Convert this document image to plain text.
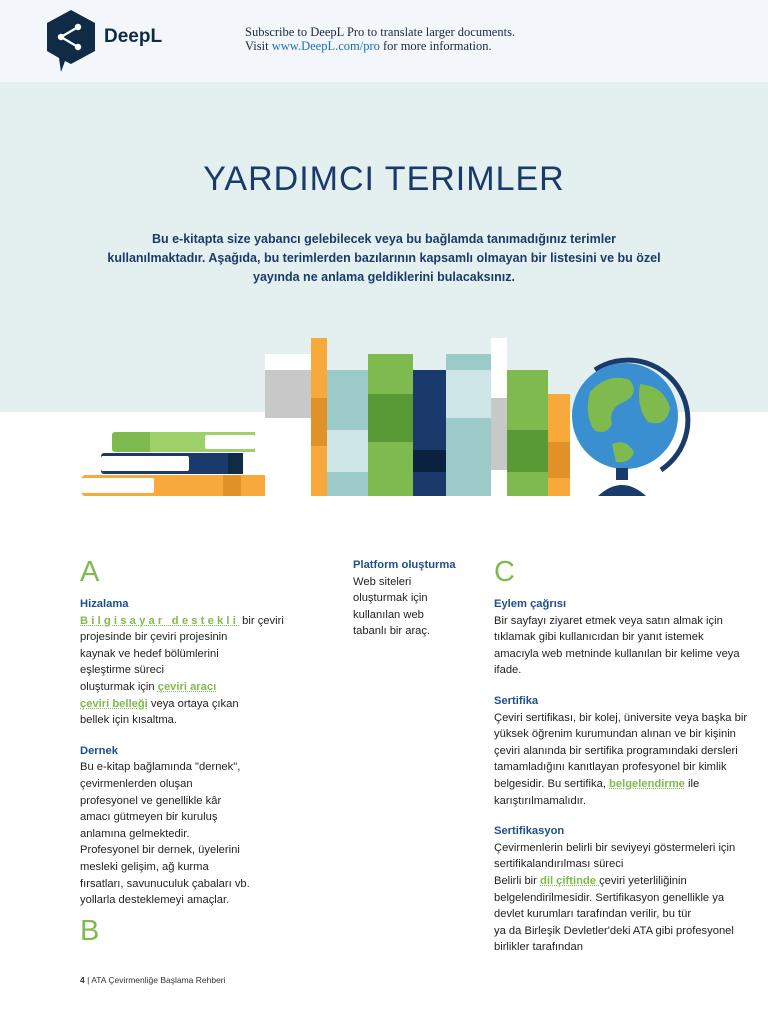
DeepL	Subscribe to DeepL Pro to translate larger documents.
Visit www.DeepL.com/pro for more information.
YARDIMCI TERIMLER
Bu e-kitapta size yabancı gelebilecek veya bu bağlamda tanımadığınız terimler
kullanılmaktadır. Aşağıda, bu terimlerden bazılarının kapsamlı olmayan bir listesini ve bu özel
yayında ne anlama geldiklerini bulacaksınız.
A
Hizalama
Bilgisayar destekli bir çeviri
projesinde bir çeviri projesinin
kaynak ve hedef bölümlerini
eşleştirme süreci
oluşturmak için çeviri aracı
çeviri belleği veya ortaya çıkan
bellek için kısaltma.
Dernek
Bu e-kitap bağlamında "dernek",
çevirmenlerden oluşan
profesyonel ve genellikle kâr
amacı gütmeyen bir kuruluş
anlamına gelmektedir.
Profesyonel bir dernek, üyelerini
mesleki gelişim, ağ kurma
fırsatları, savunuculuk çabaları vb.
yollarla desteklemeyi amaçlar.
B
Platform oluşturma
Web siteleri
oluşturmak için
kullanılan web
tabanlı bir araç.
C
Eylem çağrısı
Bir sayfayı ziyaret etmek veya satın almak için
tıklamak gibi kullanıcıdan bir yanıt istemek
amacıyla web metninde kullanılan bir kelime veya
ifade.
Sertifika
Çeviri sertifikası, bir kolej, üniversite veya başka bir
yüksek öğrenim kurumundan alınan ve bir kişinin
çeviri alanında bir sertifika programındaki dersleri
tamamladığını kanıtlayan profesyonel bir kimlik
belgesidir. Bu sertifika, belgelendirme ile
karıştırılmamalıdır.
Sertifikasyon
Çevirmenlerin belirli bir seviyeyi göstermeleri için
sertifikalandırılması süreci
Belirli bir dil çiftinde çeviri yeterliliğinin
belgelendirilmesidir. Sertifikasyon genellikle ya
devlet kurumları tarafından verilir, bu tür
ya da Birleşik Devletler'deki ATA gibi profesyonel
birlikler tarafından
4 | ATA Çevirmenliğe Başlama Rehberi
